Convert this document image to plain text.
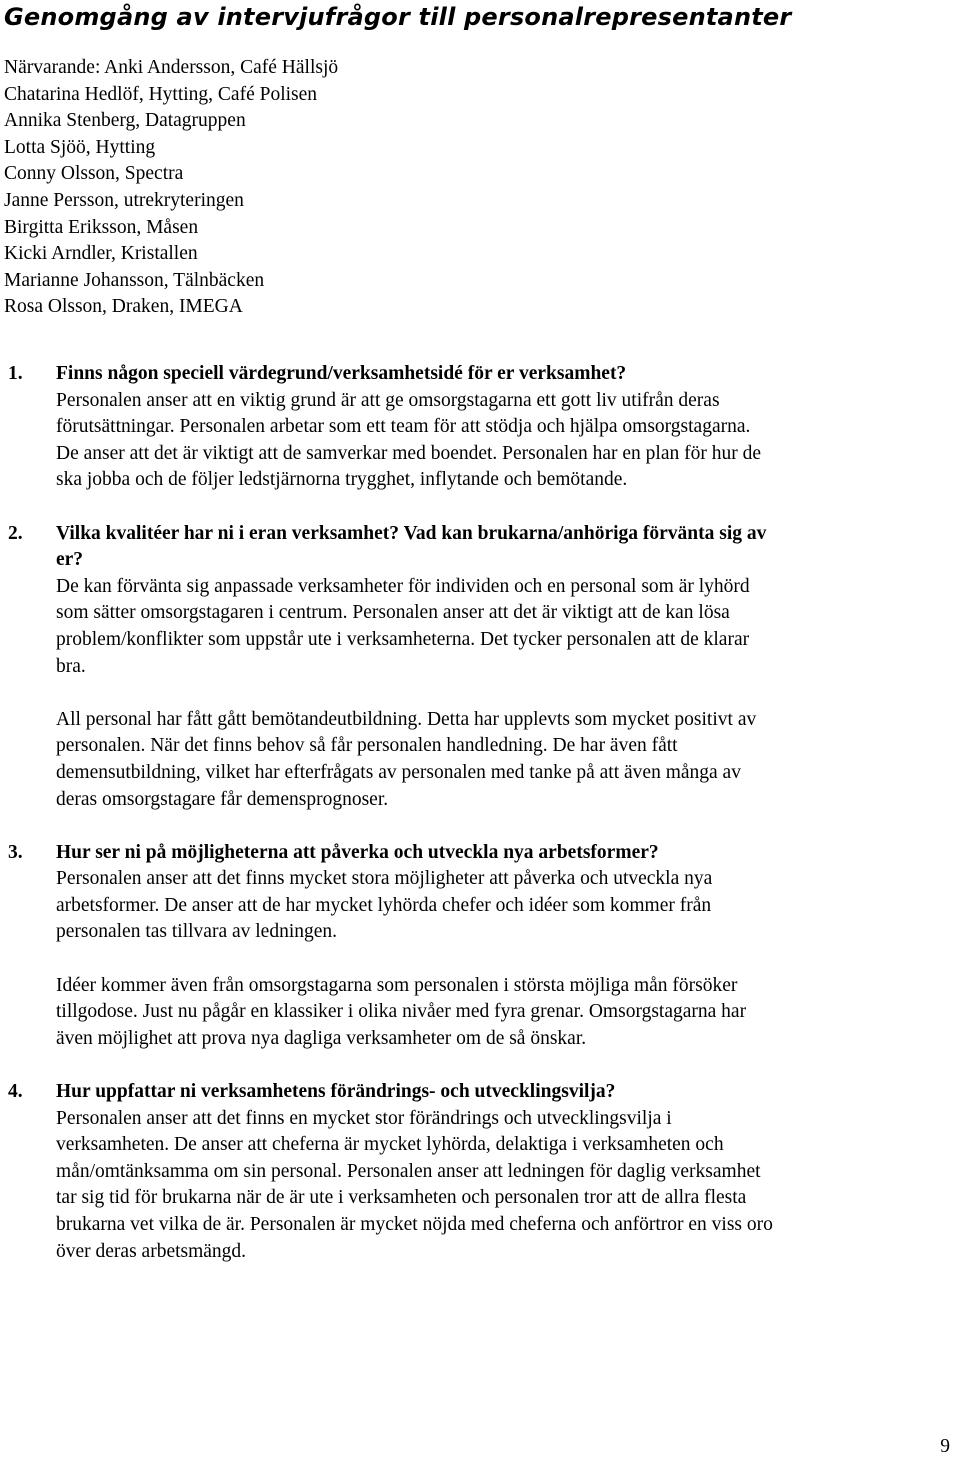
Genomgång av intervjufrågor till personalrepresentanter
Närvarande: Anki Andersson, Café Hällsjö
Chatarina Hedlöf, Hytting, Café Polisen
Annika Stenberg, Datagruppen
Lotta Sjöö, Hytting
Conny Olsson, Spectra
Janne Persson, utrekryteringen
Birgitta Eriksson, Måsen
Kicki Arndler, Kristallen
Marianne Johansson, Tälnbäcken
Rosa Olsson, Draken, IMEGA
1. Finns någon speciell värdegrund/verksamhetsidé för er verksamhet?

Personalen anser att en viktig grund är att ge omsorgstagarna ett gott liv utifrån deras förutsättningar. Personalen arbetar som ett team för att stödja och hjälpa omsorgstagarna. De anser att det är viktigt att de samverkar med boendet. Personalen har en plan för hur de ska jobba och de följer ledstjärnorna trygghet, inflytande och bemötande.

2. Vilka kvalitéer har ni i eran verksamhet? Vad kan brukarna/anhöriga förvänta sig av er?

De kan förvänta sig anpassade verksamheter för individen och en personal som är lyhörd som sätter omsorgstagaren i centrum. Personalen anser att det är viktigt att de kan lösa problem/konflikter som uppstår ute i verksamheterna. Det tycker personalen att de klarar bra.

All personal har fått gått bemötandeutbildning. Detta har upplevts som mycket positivt av personalen. När det finns behov så får personalen handledning. De har även fått demensutbildning, vilket har efterfrågats av personalen med tanke på att även många av deras omsorgstagare får demensprognoser.

3. Hur ser ni på möjligheterna att påverka och utveckla nya arbetsformer?

Personalen anser att det finns mycket stora möjligheter att påverka och utveckla nya arbetsformer. De anser att de har mycket lyhörda chefer och idéer som kommer från personalen tas tillvara av ledningen.

Idéer kommer även från omsorgstagarna som personalen i största möjliga mån försöker tillgodose. Just nu pågår en klassiker i olika nivåer med fyra grenar. Omsorgstagarna har även möjlighet att prova nya dagliga verksamheter om de så önskar.

4. Hur uppfattar ni verksamhetens förändrings- och utvecklingsvilja?

Personalen anser att det finns en mycket stor förändrings och utvecklingsvilja i verksamheten. De anser att cheferna är mycket lyhörda, delaktiga i verksamheten och mån/omtänksamma om sin personal. Personalen anser att ledningen för daglig verksamhet tar sig tid för brukarna när de är ute i verksamheten och personalen tror att de allra flesta brukarna vet vilka de är. Personalen är mycket nöjda med cheferna och anförtror en viss oro över deras arbetsmängd.

9
